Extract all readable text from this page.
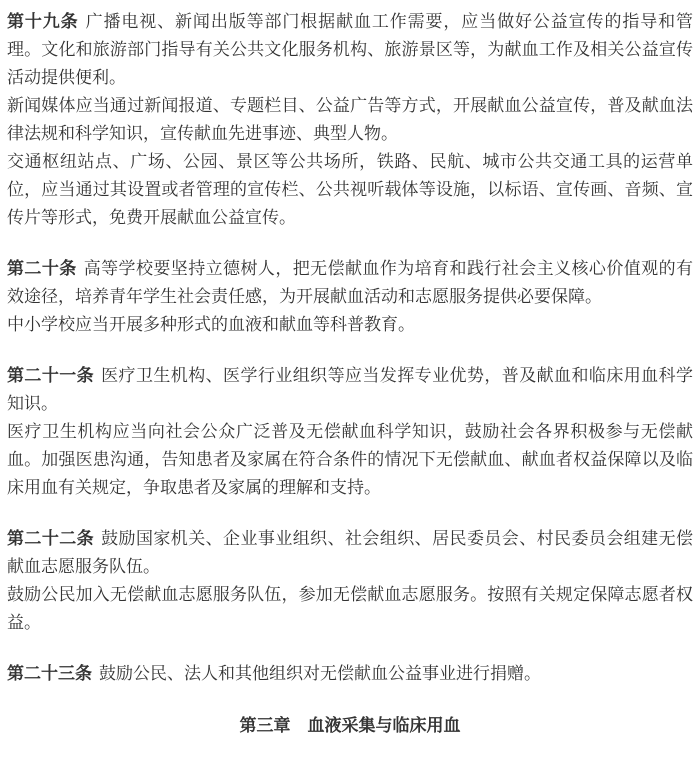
第十九条 广播电视、新闻出版等部门根据献血工作需要，应当做好公益宣传的指导和管理。文化和旅游部门指导有关公共文化服务机构、旅游景区等，为献血工作及相关公益宣传活动提供便利。

新闻媒体应当通过新闻报道、专题栏目、公益广告等方式，开展献血公益宣传，普及献血法律法规和科学知识，宣传献血先进事迹、典型人物。

交通枢纽站点、广场、公园、景区等公共场所，铁路、民航、城市公共交通工具的运营单位，应当通过其设置或者管理的宣传栏、公共视听载体等设施，以标语、宣传画、音频、宣传片等形式，免费开展献血公益宣传。

第二十条 高等学校要坚持立德树人，把无偿献血作为培育和践行社会主义核心价值观的有效途径，培养青年学生社会责任感，为开展献血活动和志愿服务提供必要保障。

中小学校应当开展多种形式的血液和献血等科普教育。

第二十一条 医疗卫生机构、医学行业组织等应当发挥专业优势，普及献血和临床用血科学知识。

医疗卫生机构应当向社会公众广泛普及无偿献血科学知识，鼓励社会各界积极参与无偿献血。加强医患沟通，告知患者及家属在符合条件的情况下无偿献血、献血者权益保障以及临床用血有关规定，争取患者及家属的理解和支持。

第二十二条 鼓励国家机关、企业事业组织、社会组织、居民委员会、村民委员会组建无偿献血志愿服务队伍。

鼓励公民加入无偿献血志愿服务队伍，参加无偿献血志愿服务。按照有关规定保障志愿者权益。

第二十三条 鼓励公民、法人和其他组织对无偿献血公益事业进行捐赠。

第三章　血液采集与临床用血
